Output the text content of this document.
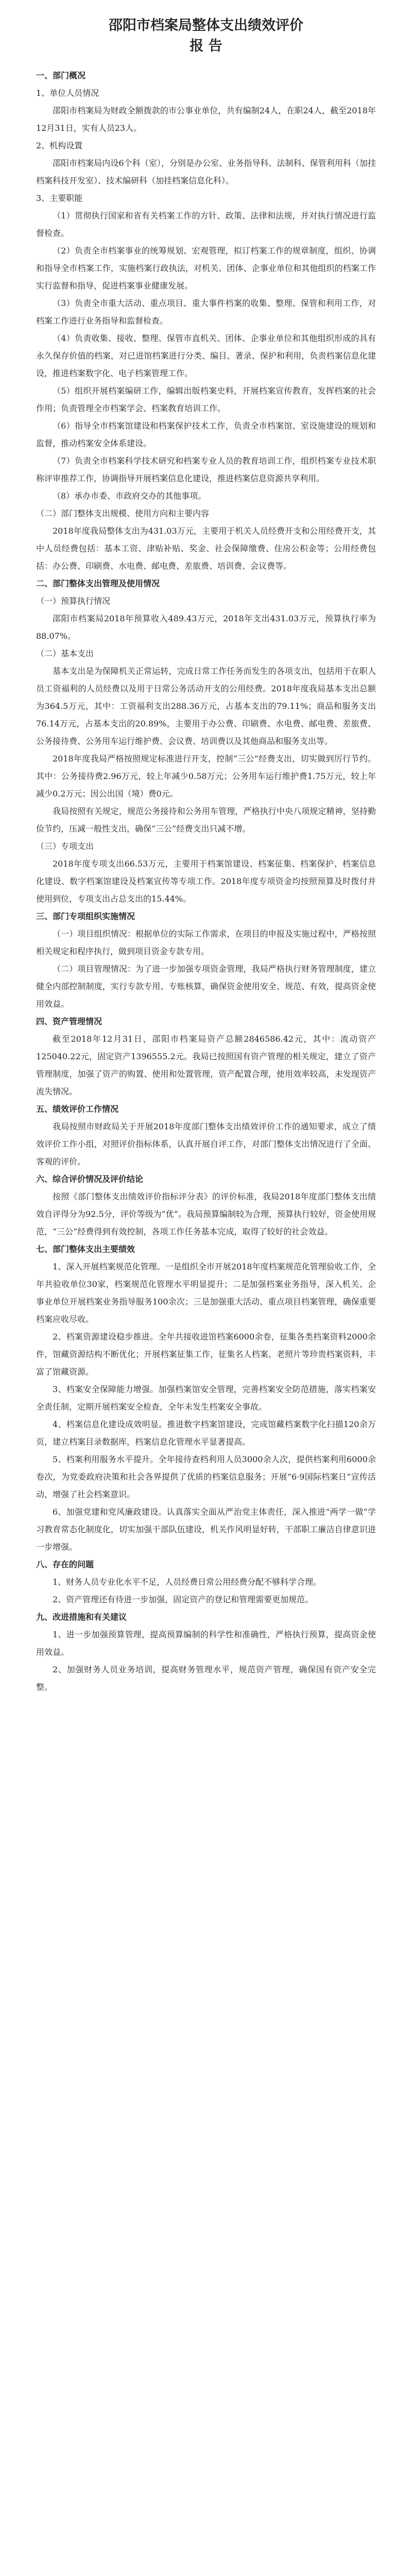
邵阳市档案局整体支出绩效评价
报 告
一、部门概况
1、单位人员情况
邵阳市档案局为财政全额拨款的市公事业单位，共有编制24人，在职24人，截至2018年12月31日，实有人员23人。
2、机构设置
邵阳市档案局内设6个科（室），分别是办公室、业务指导科、法制科、保管利用科（加挂档案科技开发室）、技术编研科（加挂档案信息化科）。
3、主要职能
（1）贯彻执行国家和省有关档案工作的方针、政策、法律和法规，并对执行情况进行监督检查。
（2）负责全市档案事业的统筹规划、宏观管理，拟订档案工作的规章制度，组织、协调和指导全市档案工作，实施档案行政执法，对机关、团体、企事业单位和其他组织的档案工作实行监督和指导，促进档案事业健康发展。
（3）负责全市重大活动、重点项目、重大事件档案的收集、整理、保管和利用工作，对档案工作进行业务指导和监督检查。
（4）负责收集、接收、整理、保管市直机关、团体、企事业单位和其他组织形成的具有永久保存价值的档案，对已进馆档案进行分类、编目、著录、保护和利用，负责档案信息化建设，推进档案数字化、电子档案管理工作。
（5）组织开展档案编研工作，编辑出版档案史料，开展档案宣传教育，发挥档案的社会作用；负责管理全市档案学会、档案教育培训工作。
（6）指导全市档案馆建设和档案保护技术工作，负责全市档案馆、室设施建设的规划和监督，推动档案安全体系建设。
（7）负责全市档案科学技术研究和档案专业人员的教育培训工作，组织档案专业技术职称评审推荐工作，协调指导开展档案信息化建设，推进档案信息资源共享利用。
（8）承办市委、市政府交办的其他事项。
（二）部门整体支出规模、使用方向和主要内容
2018年度我局整体支出为431.03万元，主要用于机关人员经费开支和公用经费开支，其中人员经费包括：基本工资、津贴补贴、奖金、社会保障缴费、住房公积金等；公用经费包括：办公费、印刷费、水电费、邮电费、差旅费、培训费、会议费等。
二、部门整体支出管理及使用情况
（一）预算执行情况
邵阳市档案局2018年预算收入489.43万元，2018年支出431.03万元，预算执行率为88.07%。
（二）基本支出
基本支出是为保障机关正常运转，完成日常工作任务而发生的各项支出，包括用于在职人员工资福利的人员经费以及用于日常公务活动开支的公用经费。2018年度我局基本支出总额为364.5万元，其中：工资福利支出288.36万元，占基本支出的79.11%；商品和服务支出76.14万元，占基本支出的20.89%，主要用于办公费、印刷费、水电费、邮电费、差旅费、公务接待费、公务用车运行维护费、会议费、培训费以及其他商品和服务支出等。
2018年度我局严格按照规定标准进行开支，控制“三公”经费支出，切实做到厉行节约。其中：公务接待费2.96万元，较上年减少0.58万元；公务用车运行维护费1.75万元，较上年减少0.2万元；因公出国（境）费0元。
我局按照有关规定，规范公务接待和公务用车管理，严格执行中央八项规定精神，坚持勤俭节约，压减一般性支出，确保“三公”经费支出只减不增。
（三）专项支出
2018年度专项支出66.53万元，主要用于档案馆建设、档案征集、档案保护、档案信息化建设、数字档案馆建设及档案宣传等专项工作。2018年度专项资金均按照预算及时拨付并使用到位，专项支出占总支出的15.44%。
三、部门专项组织实施情况
（一）项目组织情况：根据单位的实际工作需求，在项目的申报及实施过程中，严格按照相关规定和程序执行，做到项目资金专款专用。
（二）项目管理情况：为了进一步加强专项资金管理，我局严格执行财务管理制度，建立健全内部控制制度，实行专款专用、专账核算，确保资金使用安全、规范、有效，提高资金使用效益。
四、资产管理情况
截至2018年12月31日，邵阳市档案局资产总额2846586.42元，其中：流动资产125040.22元，固定资产1396555.2元。我局已按照国有资产管理的相关规定，建立了资产管理制度，加强了资产的购置、使用和处置管理，资产配置合理，使用效率较高，未发现资产流失情况。
五、绩效评价工作情况
我局按照市财政局关于开展2018年度部门整体支出绩效评价工作的通知要求，成立了绩效评价工作小组，对照评价指标体系，认真开展自评工作，对部门整体支出情况进行了全面、客观的评价。
六、综合评价情况及评价结论
按照《部门整体支出绩效评价指标评分表》的评价标准，我局2018年度部门整体支出绩效自评得分为92.5分，评价等级为“优”。我局预算编制较为合理，预算执行较好，资金使用规范，“三公”经费得到有效控制，各项工作任务基本完成，取得了较好的社会效益。
七、部门整体支出主要绩效
1、深入开展档案规范化管理。一是组织全市开展2018年度档案规范化管理验收工作，全年共验收单位30家，档案规范化管理水平明显提升；二是加强档案业务指导，深入机关、企事业单位开展档案业务指导服务100余次；三是加强重大活动、重点项目档案管理，确保重要档案应收尽收。
2、档案资源建设稳步推进。全年共接收进馆档案6000余卷，征集各类档案资料2000余件，馆藏资源结构不断优化；开展档案征集工作，征集名人档案、老照片等珍贵档案资料，丰富了馆藏资源。
3、档案安全保障能力增强。加强档案馆安全管理，完善档案安全防范措施，落实档案安全责任制，定期开展档案安全检查，全年未发生档案安全事故。
4、档案信息化建设成效明显。推进数字档案馆建设，完成馆藏档案数字化扫描120余万页，建立档案目录数据库，档案信息化管理水平显著提高。
5、档案利用服务水平提升。全年接待查档利用人员3000余人次，提供档案利用6000余卷次，为党委政府决策和社会各界提供了优质的档案信息服务；开展“6·9国际档案日”宣传活动，增强了社会档案意识。
6、加强党建和党风廉政建设。认真落实全面从严治党主体责任，深入推进“两学一做”学习教育常态化制度化，切实加强干部队伍建设，机关作风明显好转，干部职工廉洁自律意识进一步增强。
八、存在的问题
1、财务人员专业化水平不足，人员经费日常公用经费分配不够科学合理。
2、资产管理还有待进一步加强，固定资产的登记和管理需要更加规范。
九、改进措施和有关建议
1、进一步加强预算管理，提高预算编制的科学性和准确性，严格执行预算，提高资金使用效益。
2、加强财务人员业务培训，提高财务管理水平，规范资产管理，确保国有资产安全完整。
